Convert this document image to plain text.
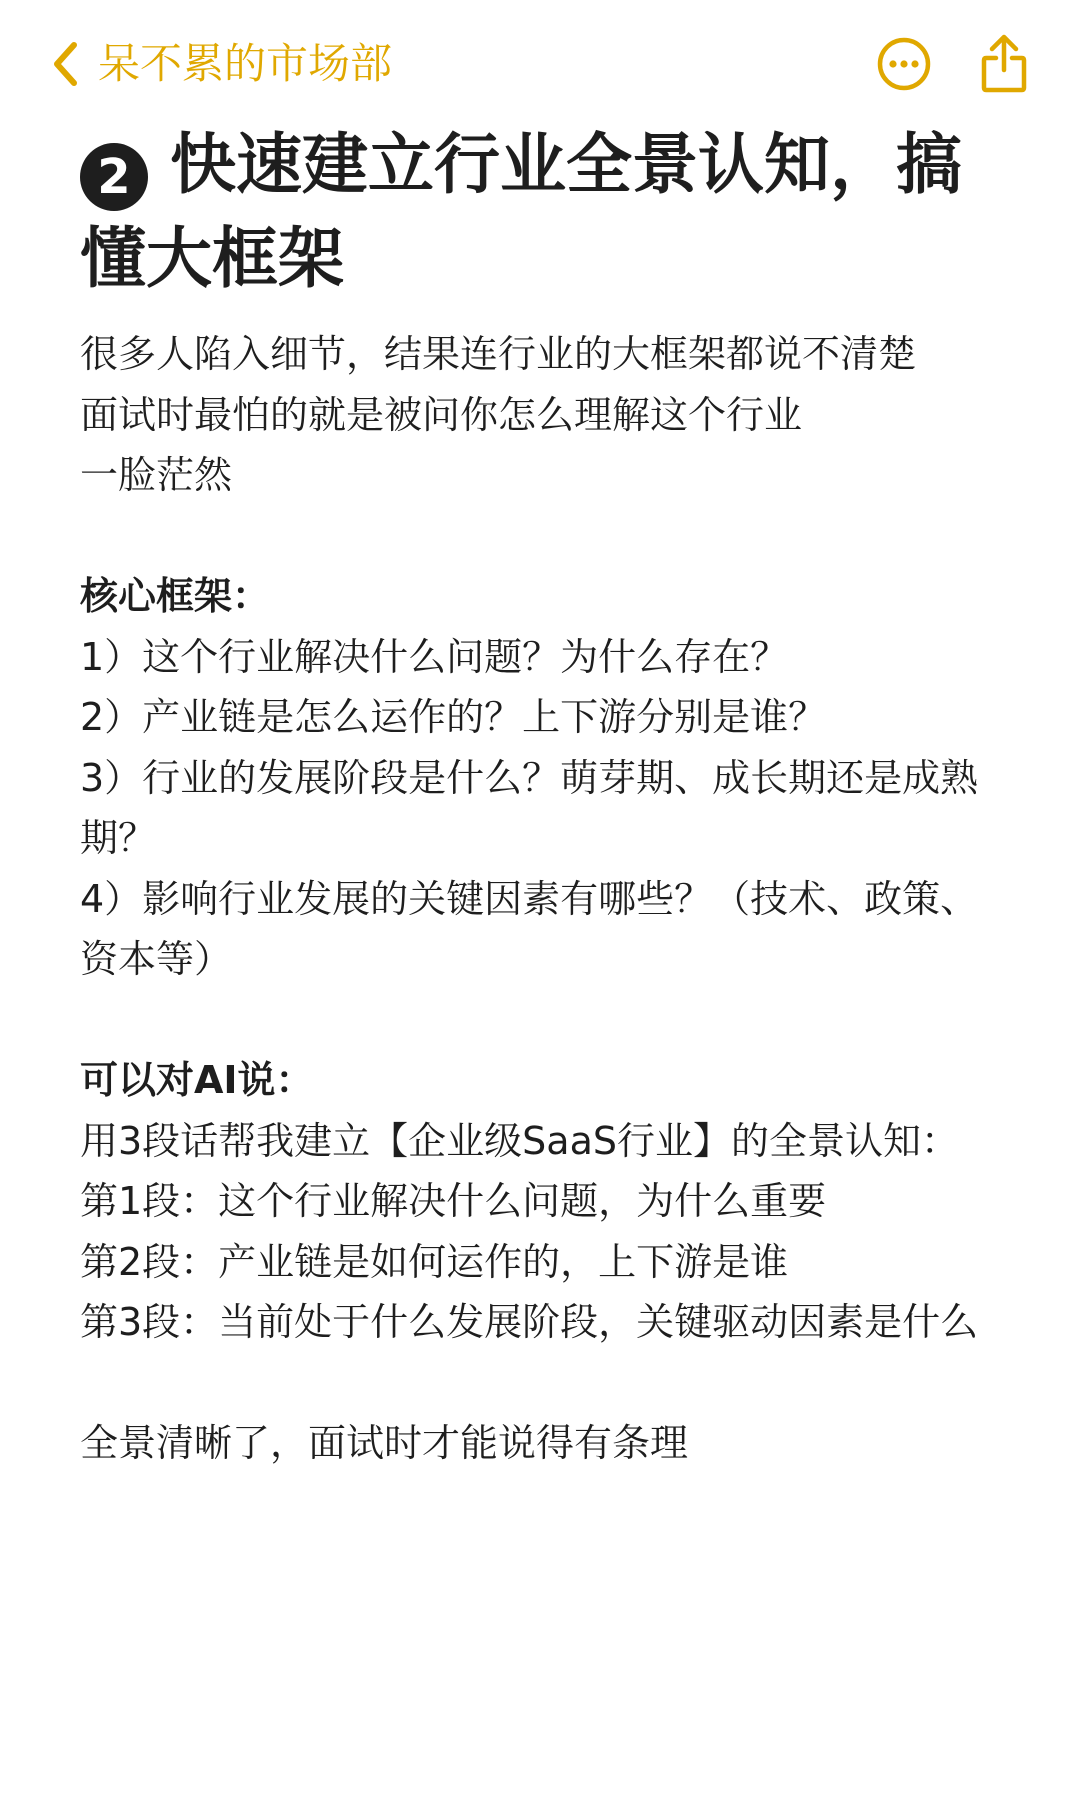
呆不累的市场部
2 快速建立行业全景认知，搞懂大框架
很多人陷入细节，结果连行业的大框架都说不清楚
面试时最怕的就是被问你怎么理解这个行业
一脸茫然
核心框架：
1）这个行业解决什么问题？为什么存在？
2）产业链是怎么运作的？上下游分别是谁？
3）行业的发展阶段是什么？萌芽期、成长期还是成熟期？
4）影响行业发展的关键因素有哪些？（技术、政策、资本等）
可以对AI说：
用3段话帮我建立【企业级SaaS行业】的全景认知：
第1段：这个行业解决什么问题，为什么重要
第2段：产业链是如何运作的，上下游是谁
第3段：当前处于什么发展阶段，关键驱动因素是什么
全景清晰了，面试时才能说得有条理
